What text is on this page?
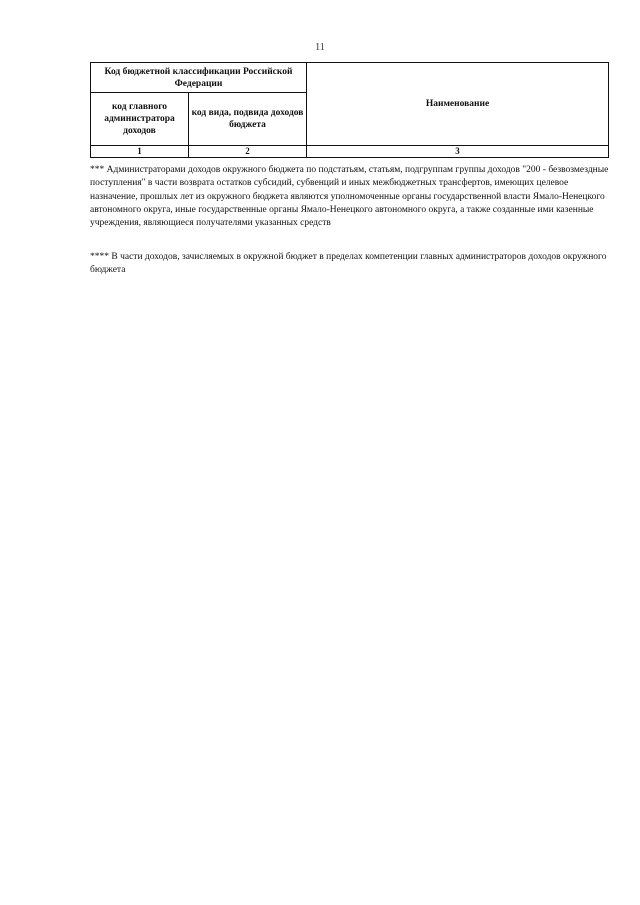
11
Код бюджетной классификации Российской Федерации		Наименование
код главного администратора доходов	код вида, подвида доходов бюджета	
1	2	3

*** Администраторами доходов окружного бюджета по подстатьям, статьям, подгруппам группы доходов "200 - безвозмездные поступления" в части возврата остатков субсидий, субвенций и иных межбюджетных трансфертов, имеющих целевое назначение, прошлых лет из окружного бюджета являются уполномоченные органы государственной власти Ямало-Ненецкого автономного округа, иные государственные органы Ямало-Ненецкого автономного округа, а также созданные ими казенные учреждения, являющиеся получателями указанных средств

**** В части доходов, зачисляемых в окружной бюджет в пределах компетенции главных администраторов доходов окружного бюджета
